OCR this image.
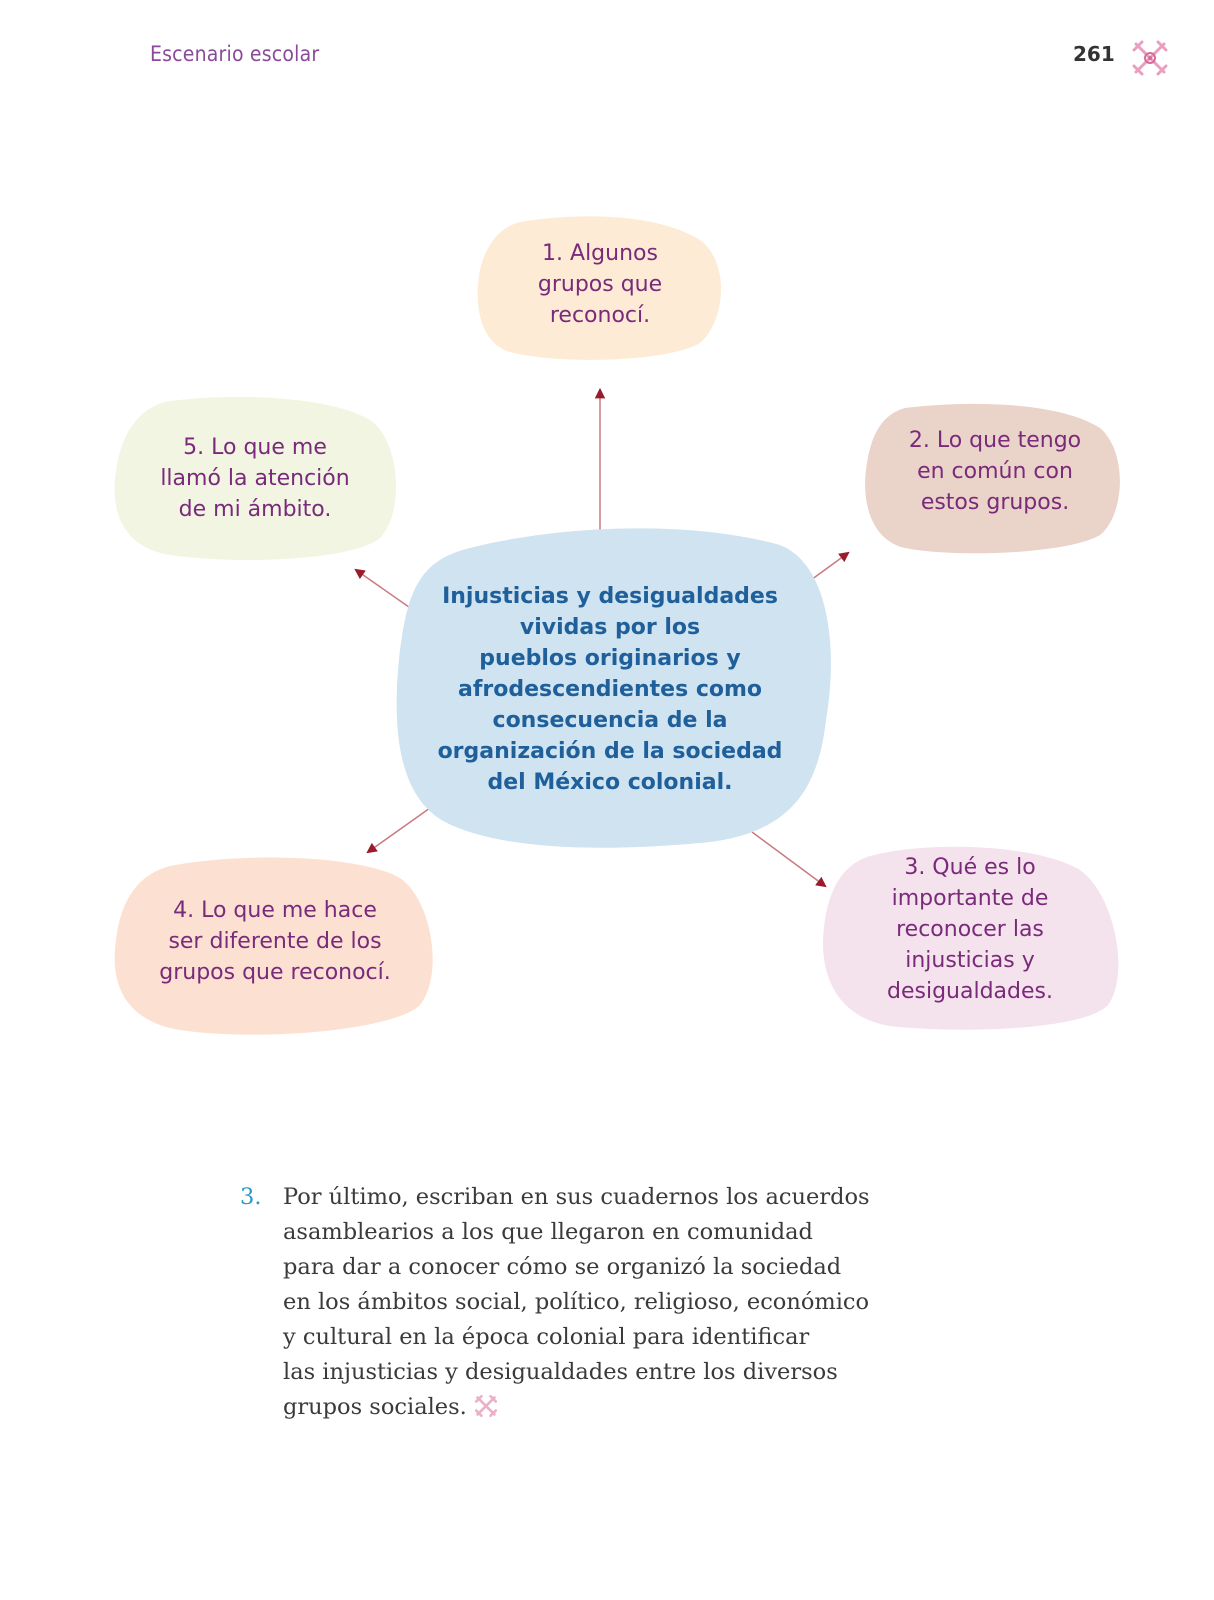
Escenario escolar	261
1. Algunos
grupos que
reconocí.
2. Lo que tengo
en común con
estos grupos.
3. Qué es lo
importante de
reconocer las
injusticias y
desigualdades.
4. Lo que me hace
ser diferente de los
grupos que reconocí.
5. Lo que me
llamó la atención
de mi ámbito.
Injusticias y desigualdades
vividas por los
pueblos originarios y
afrodescendientes como
consecuencia de la
organización de la sociedad
del México colonial.
3. Por último, escriban en sus cuadernos los acuerdos
asamblearios a los que llegaron en comunidad
para dar a conocer cómo se organizó la sociedad
en los ámbitos social, político, religioso, económico
y cultural en la época colonial para identificar
las injusticias y desigualdades entre los diversos
grupos sociales.
